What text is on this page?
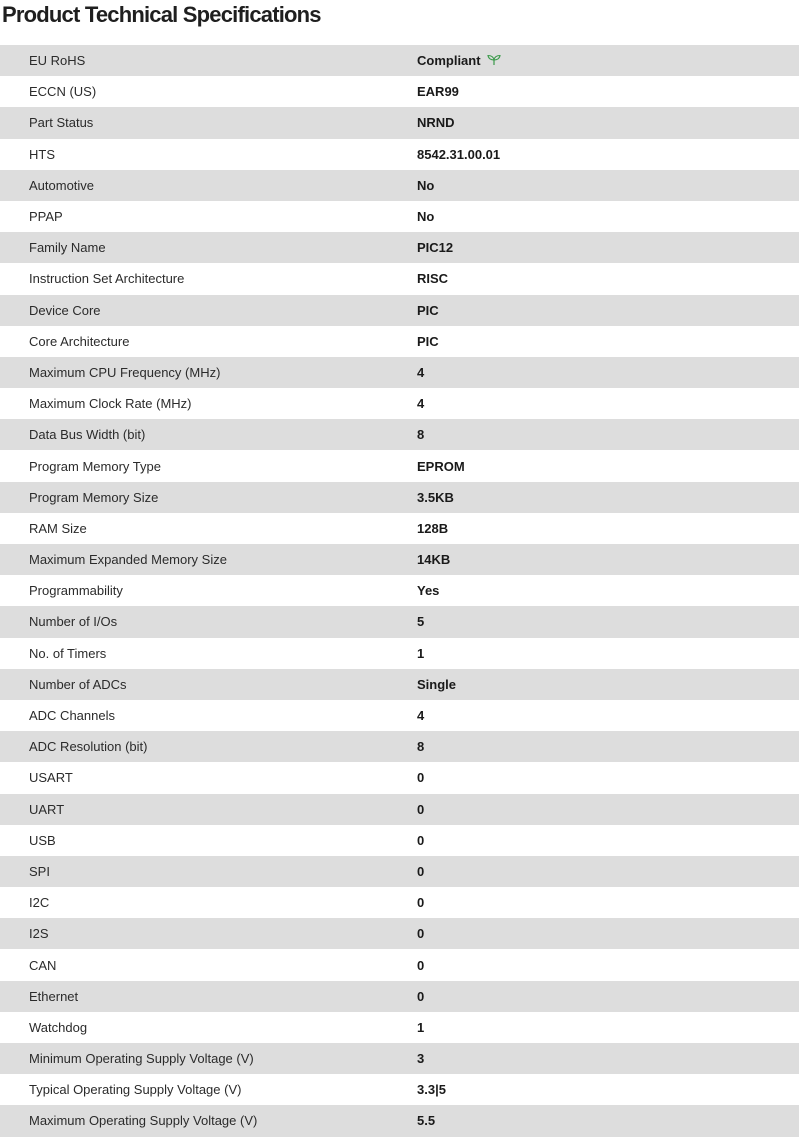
Product Technical Specifications
EU RoHS	Compliant
ECCN (US)	EAR99
Part Status	NRND
HTS	8542.31.00.01
Automotive	No
PPAP	No
Family Name	PIC12
Instruction Set Architecture	RISC
Device Core	PIC
Core Architecture	PIC
Maximum CPU Frequency (MHz)	4
Maximum Clock Rate (MHz)	4
Data Bus Width (bit)	8
Program Memory Type	EPROM
Program Memory Size	3.5KB
RAM Size	128B
Maximum Expanded Memory Size	14KB
Programmability	Yes
Number of I/Os	5
No. of Timers	1
Number of ADCs	Single
ADC Channels	4
ADC Resolution (bit)	8
USART	0
UART	0
USB	0
SPI	0
I2C	0
I2S	0
CAN	0
Ethernet	0
Watchdog	1
Minimum Operating Supply Voltage (V)	3
Typical Operating Supply Voltage (V)	3.3|5
Maximum Operating Supply Voltage (V)	5.5
